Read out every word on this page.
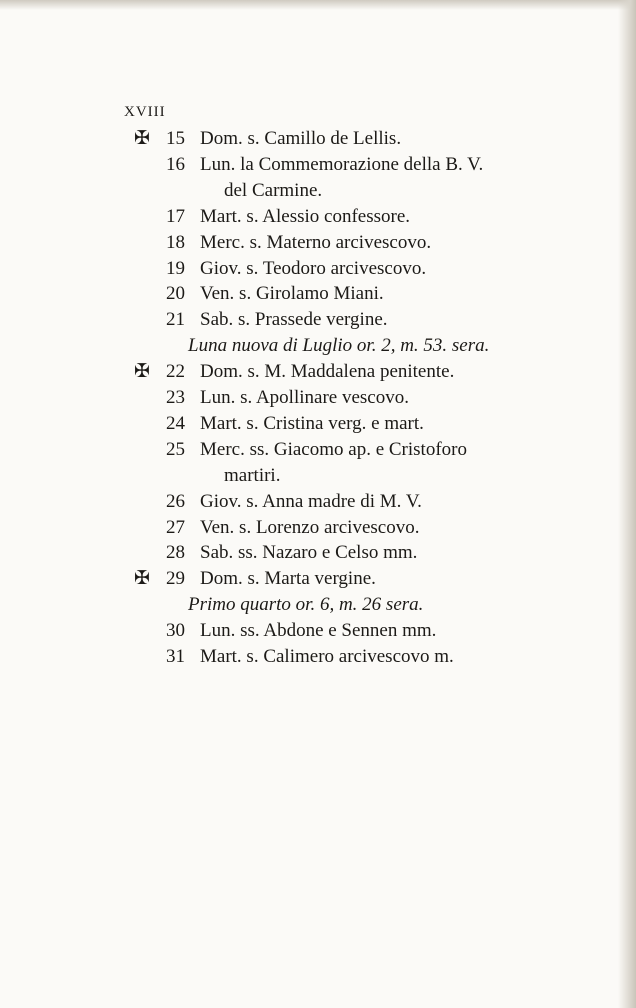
XVIII
✠ 15 Dom. s. Camillo de Lellis.
16 Lun. la Commemorazione della B. V.
del Carmine.
17 Mart. s. Alessio confessore.
18 Merc. s. Materno arcivescovo.
19 Giov. s. Teodoro arcivescovo.
20 Ven. s. Girolamo Miani.
21 Sab. s. Prassede vergine.
Luna nuova di Luglio or. 2, m. 53. sera.
✠ 22 Dom. s. M. Maddalena penitente.
23 Lun. s. Apollinare vescovo.
24 Mart. s. Cristina verg. e mart.
25 Merc. ss. Giacomo ap. e Cristoforo
martiri.
26 Giov. s. Anna madre di M. V.
27 Ven. s. Lorenzo arcivescovo.
28 Sab. ss. Nazaro e Celso mm.
✠ 29 Dom. s. Marta vergine.
Primo quarto or. 6, m. 26 sera.
30 Lun. ss. Abdone e Sennen mm.
31 Mart. s. Calimero arcivescovo m.
